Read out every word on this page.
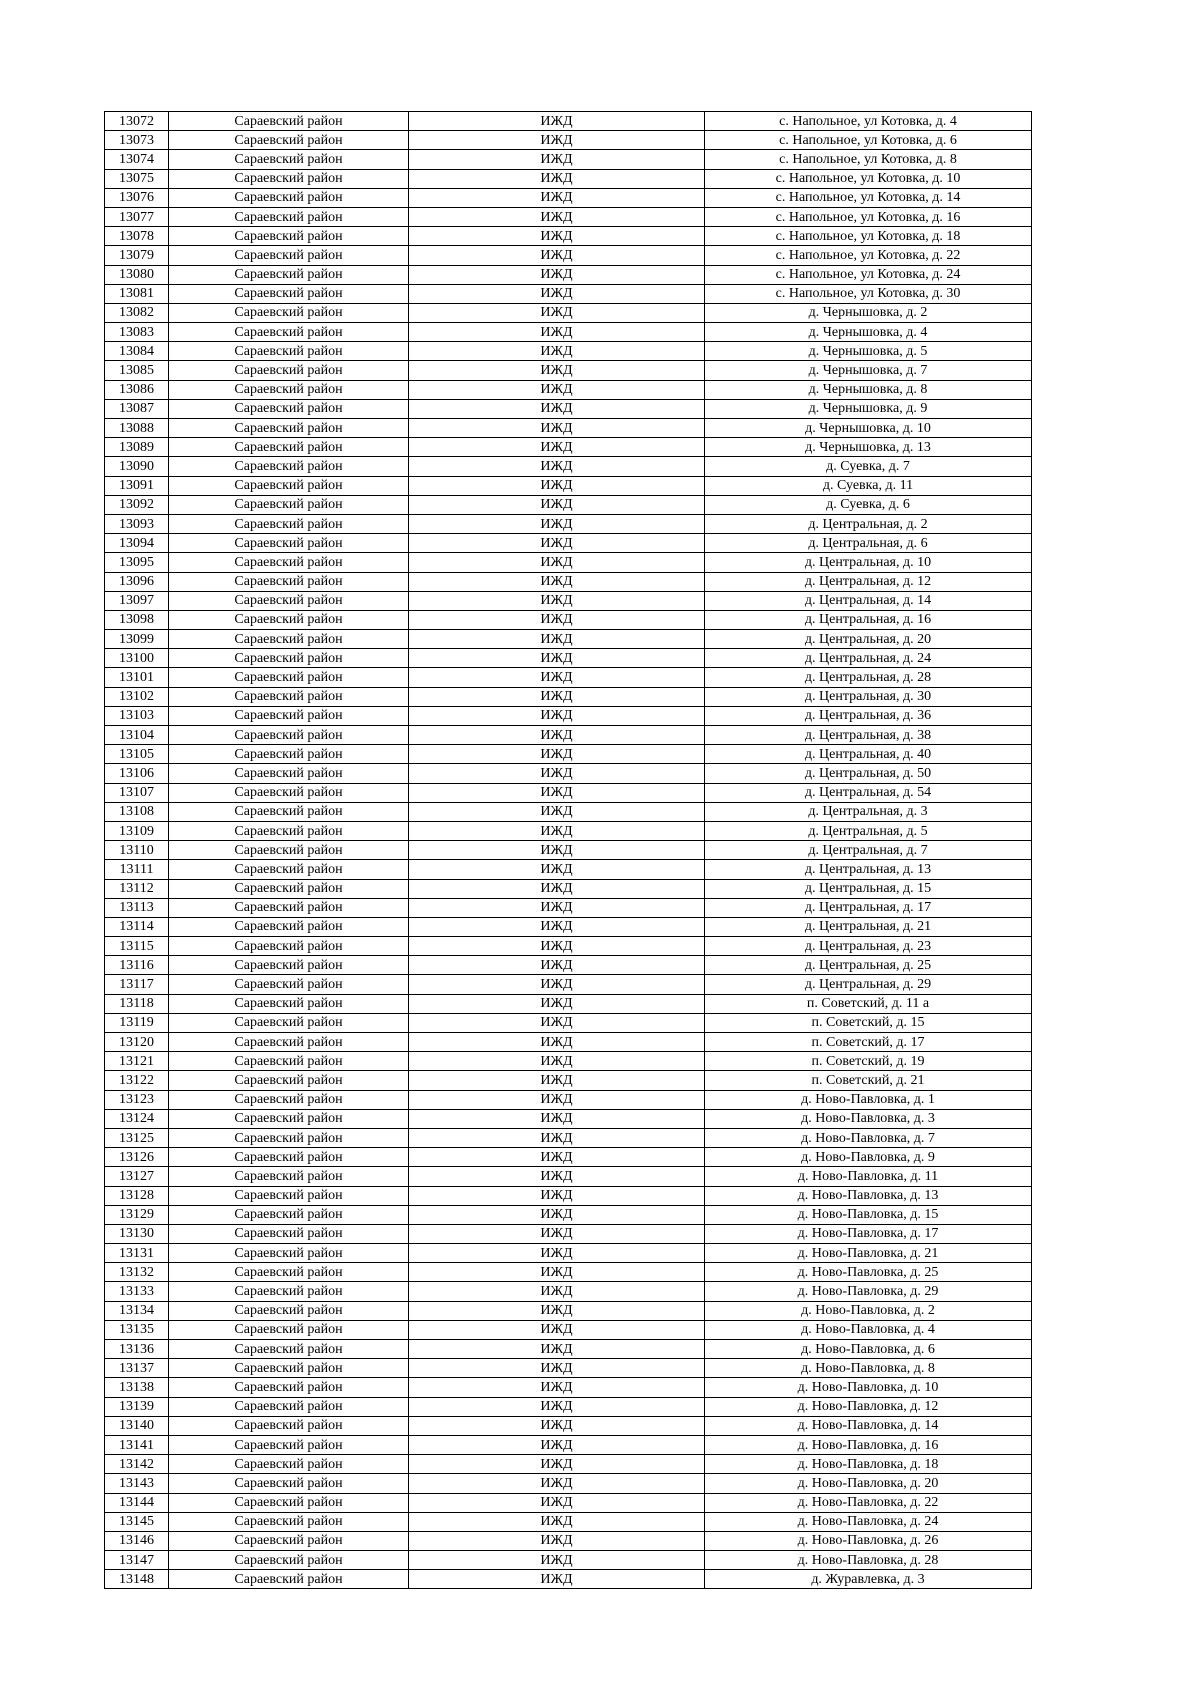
13072	Сараевский район	ИЖД	с. Напольное, ул Котовка, д. 4
13073	Сараевский район	ИЖД	с. Напольное, ул Котовка, д. 6
13074	Сараевский район	ИЖД	с. Напольное, ул Котовка, д. 8
13075	Сараевский район	ИЖД	с. Напольное, ул Котовка, д. 10
13076	Сараевский район	ИЖД	с. Напольное, ул Котовка, д. 14
13077	Сараевский район	ИЖД	с. Напольное, ул Котовка, д. 16
13078	Сараевский район	ИЖД	с. Напольное, ул Котовка, д. 18
13079	Сараевский район	ИЖД	с. Напольное, ул Котовка, д. 22
13080	Сараевский район	ИЖД	с. Напольное, ул Котовка, д. 24
13081	Сараевский район	ИЖД	с. Напольное, ул Котовка, д. 30
13082	Сараевский район	ИЖД	д. Чернышовка, д. 2
13083	Сараевский район	ИЖД	д. Чернышовка, д. 4
13084	Сараевский район	ИЖД	д. Чернышовка, д. 5
13085	Сараевский район	ИЖД	д. Чернышовка, д. 7
13086	Сараевский район	ИЖД	д. Чернышовка, д. 8
13087	Сараевский район	ИЖД	д. Чернышовка, д. 9
13088	Сараевский район	ИЖД	д. Чернышовка, д. 10
13089	Сараевский район	ИЖД	д. Чернышовка, д. 13
13090	Сараевский район	ИЖД	д. Суевка, д. 7
13091	Сараевский район	ИЖД	д. Суевка, д. 11
13092	Сараевский район	ИЖД	д. Суевка, д. 6
13093	Сараевский район	ИЖД	д. Центральная, д. 2
13094	Сараевский район	ИЖД	д. Центральная, д. 6
13095	Сараевский район	ИЖД	д. Центральная, д. 10
13096	Сараевский район	ИЖД	д. Центральная, д. 12
13097	Сараевский район	ИЖД	д. Центральная, д. 14
13098	Сараевский район	ИЖД	д. Центральная, д. 16
13099	Сараевский район	ИЖД	д. Центральная, д. 20
13100	Сараевский район	ИЖД	д. Центральная, д. 24
13101	Сараевский район	ИЖД	д. Центральная, д. 28
13102	Сараевский район	ИЖД	д. Центральная, д. 30
13103	Сараевский район	ИЖД	д. Центральная, д. 36
13104	Сараевский район	ИЖД	д. Центральная, д. 38
13105	Сараевский район	ИЖД	д. Центральная, д. 40
13106	Сараевский район	ИЖД	д. Центральная, д. 50
13107	Сараевский район	ИЖД	д. Центральная, д. 54
13108	Сараевский район	ИЖД	д. Центральная, д. 3
13109	Сараевский район	ИЖД	д. Центральная, д. 5
13110	Сараевский район	ИЖД	д. Центральная, д. 7
13111	Сараевский район	ИЖД	д. Центральная, д. 13
13112	Сараевский район	ИЖД	д. Центральная, д. 15
13113	Сараевский район	ИЖД	д. Центральная, д. 17
13114	Сараевский район	ИЖД	д. Центральная, д. 21
13115	Сараевский район	ИЖД	д. Центральная, д. 23
13116	Сараевский район	ИЖД	д. Центральная, д. 25
13117	Сараевский район	ИЖД	д. Центральная, д. 29
13118	Сараевский район	ИЖД	п. Советский, д. 11 а
13119	Сараевский район	ИЖД	п. Советский, д. 15
13120	Сараевский район	ИЖД	п. Советский, д. 17
13121	Сараевский район	ИЖД	п. Советский, д. 19
13122	Сараевский район	ИЖД	п. Советский, д. 21
13123	Сараевский район	ИЖД	д. Ново-Павловка, д. 1
13124	Сараевский район	ИЖД	д. Ново-Павловка, д. 3
13125	Сараевский район	ИЖД	д. Ново-Павловка, д. 7
13126	Сараевский район	ИЖД	д. Ново-Павловка, д. 9
13127	Сараевский район	ИЖД	д. Ново-Павловка, д. 11
13128	Сараевский район	ИЖД	д. Ново-Павловка, д. 13
13129	Сараевский район	ИЖД	д. Ново-Павловка, д. 15
13130	Сараевский район	ИЖД	д. Ново-Павловка, д. 17
13131	Сараевский район	ИЖД	д. Ново-Павловка, д. 21
13132	Сараевский район	ИЖД	д. Ново-Павловка, д. 25
13133	Сараевский район	ИЖД	д. Ново-Павловка, д. 29
13134	Сараевский район	ИЖД	д. Ново-Павловка, д. 2
13135	Сараевский район	ИЖД	д. Ново-Павловка, д. 4
13136	Сараевский район	ИЖД	д. Ново-Павловка, д. 6
13137	Сараевский район	ИЖД	д. Ново-Павловка, д. 8
13138	Сараевский район	ИЖД	д. Ново-Павловка, д. 10
13139	Сараевский район	ИЖД	д. Ново-Павловка, д. 12
13140	Сараевский район	ИЖД	д. Ново-Павловка, д. 14
13141	Сараевский район	ИЖД	д. Ново-Павловка, д. 16
13142	Сараевский район	ИЖД	д. Ново-Павловка, д. 18
13143	Сараевский район	ИЖД	д. Ново-Павловка, д. 20
13144	Сараевский район	ИЖД	д. Ново-Павловка, д. 22
13145	Сараевский район	ИЖД	д. Ново-Павловка, д. 24
13146	Сараевский район	ИЖД	д. Ново-Павловка, д. 26
13147	Сараевский район	ИЖД	д. Ново-Павловка, д. 28
13148	Сараевский район	ИЖД	д. Журавлевка, д. 3
